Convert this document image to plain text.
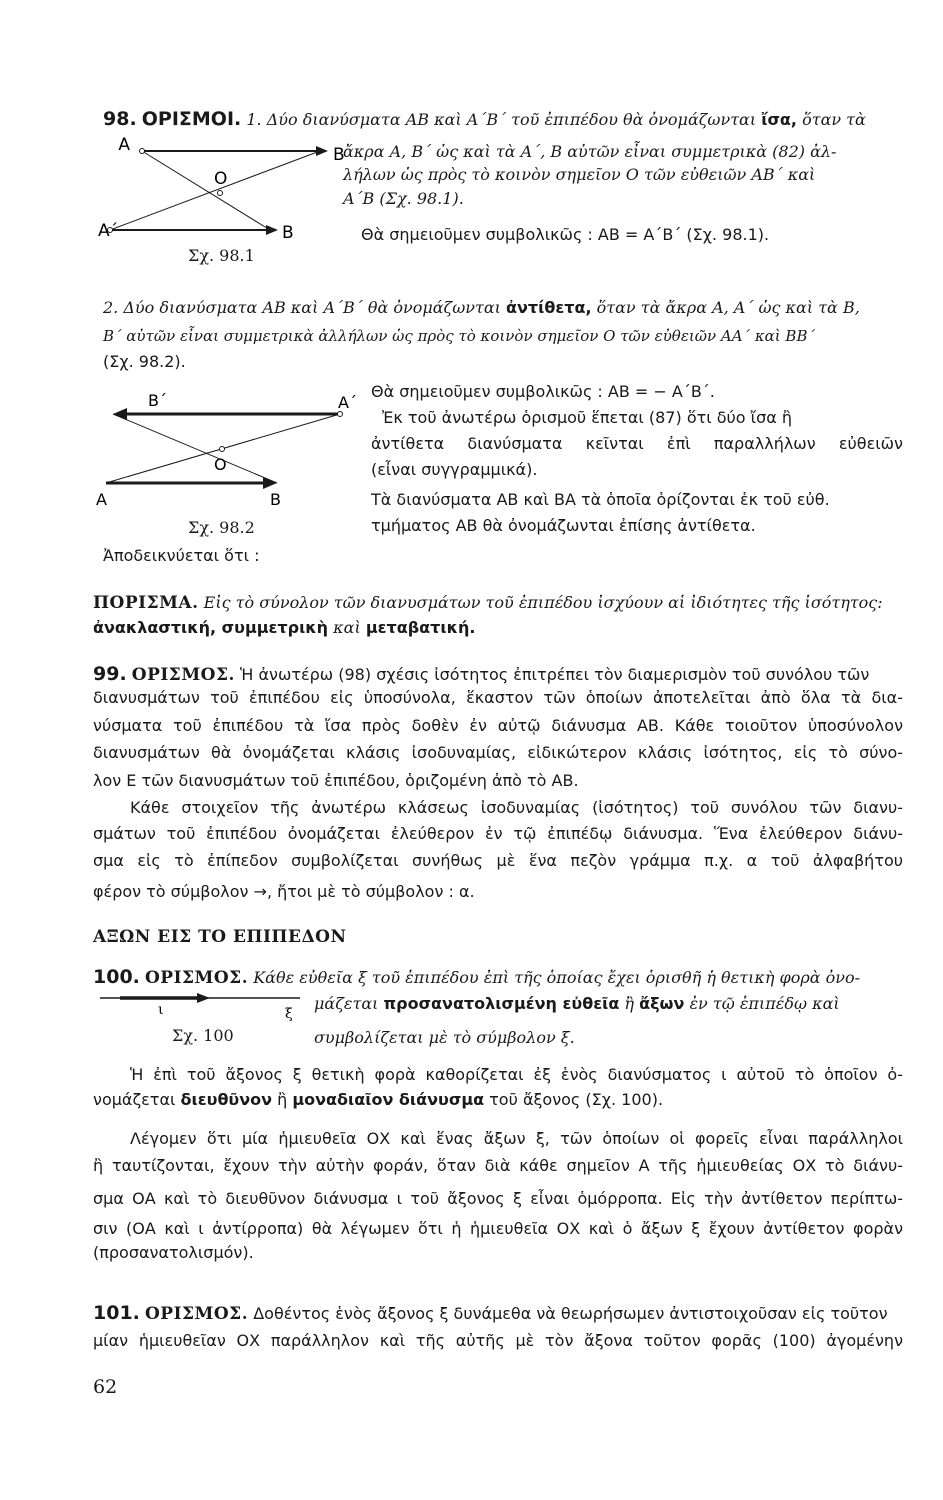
98. ΟΡΙΣΜΟΙ. 1. Δύο διανύσματα ΑΒ καὶ Α΄Β΄ τοῦ ἐπιπέδου θὰ ὀνομάζωνται ἴσα, ὅταν τὰ
ἄκρα Α, Β΄ ὡς καὶ τὰ Α΄, Β αὐτῶν εἶναι συμμετρικὰ (82) ἀλ-
λήλων ὡς πρὸς τὸ κοινὸν σημεῖον Ο τῶν εὐθειῶν ΑΒ΄ καὶ
Α΄Β (Σχ. 98.1).
Θὰ σημειοῦμεν συμβολικῶς : ΑΒ = Α΄Β΄ (Σχ. 98.1).
Α	Β
Ο
Α΄	Β
Σχ. 98.1
2. Δύο διανύσματα ΑΒ καὶ Α΄Β΄ θὰ ὀνομάζωνται ἀντίθετα, ὅταν τὰ ἄκρα Α, Α΄ ὡς καὶ τὰ Β,
Β΄ αὐτῶν εἶναι συμμετρικὰ ἀλλήλων ὡς πρὸς τὸ κοινὸν σημεῖον Ο τῶν εὐθειῶν ΑΑ΄ καὶ ΒΒ΄
(Σχ. 98.2).
Β΄	Α΄
Ο
Α	Β
Σχ. 98.2
Θὰ σημειοῦμεν συμβολικῶς : ΑΒ = − Α΄Β΄.
Ἐκ τοῦ ἀνωτέρω ὁρισμοῦ ἕπεται (87) ὅτι δύο ἴσα ἢ
ἀντίθετα διανύσματα κεῖνται ἐπὶ παραλλήλων εὐθειῶν
(εἶναι συγγραμμικά).
Τὰ διανύσματα ΑΒ καὶ ΒΑ τὰ ὁποῖα ὁρίζονται ἐκ τοῦ εὐθ.
τμήματος ΑΒ θὰ ὀνομάζωνται ἐπίσης ἀντίθετα.
Ἀποδεικνύεται ὅτι :
ΠΟΡΙΣΜΑ. Εἰς τὸ σύνολον τῶν διανυσμάτων τοῦ ἐπιπέδου ἰσχύουν αἱ ἰδιότητες τῆς ἰσότητος:
ἀνακλαστική, συμμετρικὴ καὶ μεταβατική.
99. ΟΡΙΣΜΟΣ. Ἡ ἀνωτέρω (98) σχέσις ἰσότητος ἐπιτρέπει τὸν διαμερισμὸν τοῦ συνόλου τῶν
διανυσμάτων τοῦ ἐπιπέδου εἰς ὑποσύνολα, ἕκαστον τῶν ὁποίων ἀποτελεῖται ἀπὸ ὅλα τὰ δια-
νύσματα τοῦ ἐπιπέδου τὰ ἴσα πρὸς δοθὲν ἐν αὐτῷ διάνυσμα ΑΒ. Κάθε τοιοῦτον ὑποσύνολον
διανυσμάτων θὰ ὀνομάζεται κλάσις ἰσοδυναμίας, εἰδικώτερον κλάσις ἰσότητος, εἰς τὸ σύνο-
λον Ε τῶν διανυσμάτων τοῦ ἐπιπέδου, ὁριζομένη ἀπὸ τὸ ΑΒ.
Κάθε στοιχεῖον τῆς ἀνωτέρω κλάσεως ἰσοδυναμίας (ἰσότητος) τοῦ συνόλου τῶν διανυ-
σμάτων τοῦ ἐπιπέδου ὀνομάζεται ἐλεύθερον ἐν τῷ ἐπιπέδῳ διάνυσμα. Ἕνα ἐλεύθερον διάνυ-
σμα εἰς τὸ ἐπίπεδον συμβολίζεται συνήθως μὲ ἕνα πεζὸν γράμμα π.χ. α τοῦ ἀλφαβήτου
φέρον τὸ σύμβολον →, ἤτοι μὲ τὸ σύμβολον : α.
ΑΞΩΝ ΕΙΣ ΤΟ ΕΠΙΠΕΔΟΝ
100. ΟΡΙΣΜΟΣ. Κάθε εὐθεῖα ξ τοῦ ἐπιπέδου ἐπὶ τῆς ὁποίας ἔχει ὁρισθῆ ἡ θετικὴ φορὰ ὀνο-
ι	ξ
μάζεται προσανατολισμένη εὐθεῖα ἢ ἄξων ἐν τῷ ἐπιπέδῳ καὶ
Σχ. 100	συμβολίζεται μὲ τὸ σύμβολον ξ.
Ἡ ἐπὶ τοῦ ἄξονος ξ θετικὴ φορὰ καθορίζεται ἐξ ἑνὸς διανύσματος ι αὐτοῦ τὸ ὁποῖον ὀ-
νομάζεται διευθῦνον ἢ μοναδιαῖον διάνυσμα τοῦ ἄξονος (Σχ. 100).
Λέγομεν ὅτι μία ἡμιευθεῖα ΟΧ καὶ ἕνας ἄξων ξ, τῶν ὁποίων οἱ φορεῖς εἶναι παράλληλοι
ἢ ταυτίζονται, ἔχουν τὴν αὐτὴν φοράν, ὅταν διὰ κάθε σημεῖον Α τῆς ἡμιευθείας ΟΧ τὸ διάνυ-
σμα ΟΑ καὶ τὸ διευθῦνον διάνυσμα ι τοῦ ἄξονος ξ εἶναι ὁμόρροπα. Εἰς τὴν ἀντίθετον περίπτω-
σιν (ΟΑ καὶ ι ἀντίρροπα) θὰ λέγωμεν ὅτι ἡ ἡμιευθεῖα ΟΧ καὶ ὁ ἄξων ξ ἔχουν ἀντίθετον φορὰν
(προσανατολισμόν).
101. ΟΡΙΣΜΟΣ. Δοθέντος ἑνὸς ἄξονος ξ δυνάμεθα νὰ θεωρήσωμεν ἀντιστοιχοῦσαν εἰς τοῦτον
μίαν ἡμιευθεῖαν ΟΧ παράλληλον καὶ τῆς αὐτῆς μὲ τὸν ἄξονα τοῦτον φορᾶς (100) ἀγομένην
62
